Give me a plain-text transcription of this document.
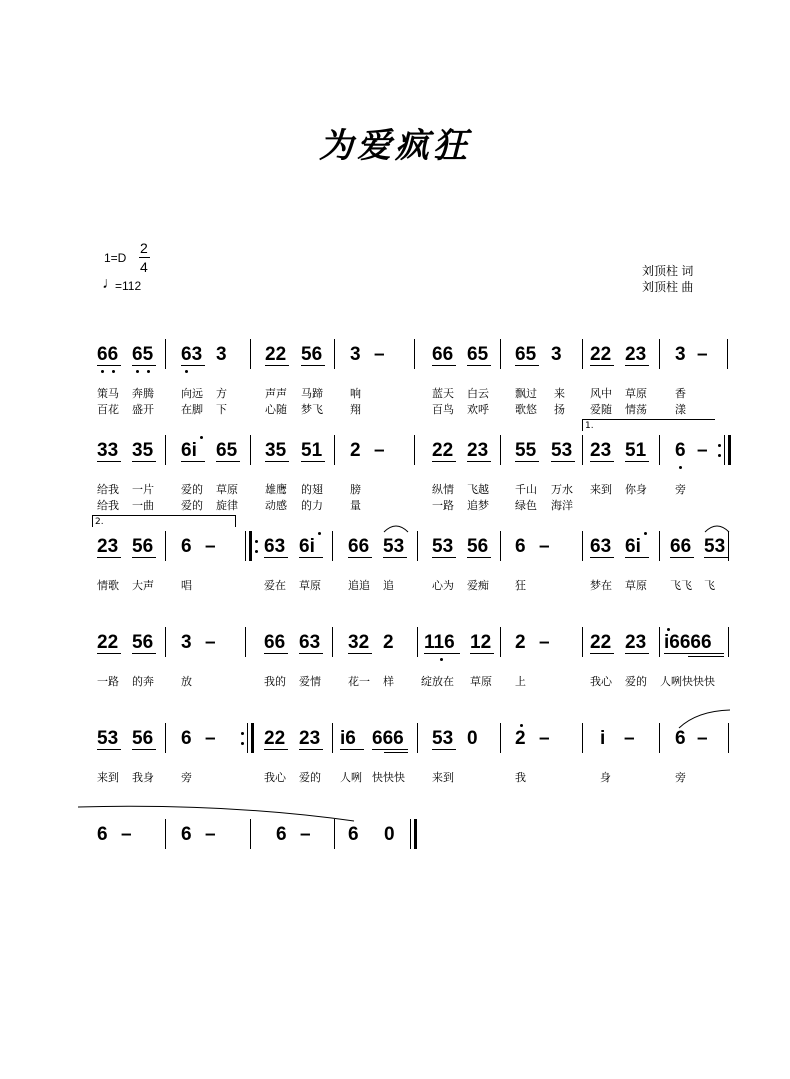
为爱疯狂
1=D
2
4
♩
=112
刘顶柱 词
刘顶柱 曲
66 65 63 3 22 56 3 – 66 65 65 3 22 23 3 –
策马 奔腾 向远 方	声声 马蹄 响	蓝天 白云 飘过 来 风中 草原	香
百花 盛开 在脚 下	心随 梦飞 翔	百鸟 欢呼 歌悠 扬 爱随 情荡	漾
1.
33 35 6i 65 35 51 2 – 22 23 55 53 23 51 6 –
给我 一片 爱的 草原 雄鹰 的翅 膀	纵情 飞越 千山 万水 来到 你身	旁
给我 一曲 爱的 旋律 动感 的力 量	一路 追梦 绿色 海洋
2.
23 56 6 –	63 6i 66 53 53 56 6 – 63 6i 66 53
情歌 大声 唱	爱在 草原 追追 追	心为 爱痴 狂	梦在 草原 飞飞 飞
22 56 3 –	66 63 32 2 116 12 2 – 22 23 i6666
一路 的奔 放	我的 爱情 花一 样 绽放在 草原 上	我心 爱的 人咧快快快
53 56 6 –	22 23 i6 666 53 0 2 –	i – 6 –
来到 我身 旁	我心 爱的 人咧 快快快 来到	我	身	旁
6 –	6 –	6 – 6 0
